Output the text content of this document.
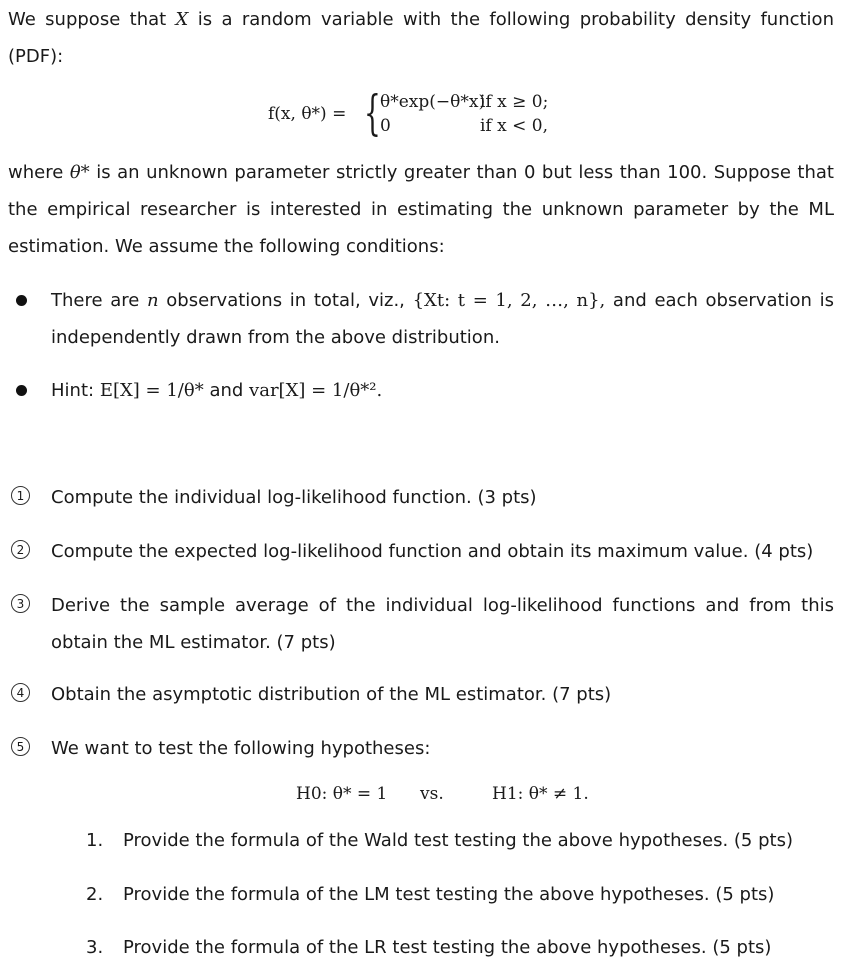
We suppose that X is a random variable with the following probability density function (PDF):

f(x, θ*) = { θ*exp(−θ*x)
if x ≥ 0;
0	if x < 0,

where θ* is an unknown parameter strictly greater than 0 but less than 100. Suppose that the empirical researcher is interested in estimating the unknown parameter by the ML estimation. We assume the following conditions:

There are n observations in total, viz., {Xt: t = 1, 2, …, n}, and each observation is independently drawn from the above distribution.
Hint: E[X] = 1/θ* and var[X] = 1/θ*².
1	Compute the individual log-likelihood function. (3 pts)
2	Compute the expected log-likelihood function and obtain its maximum value. (4 pts)
3	Derive the sample average of the individual log-likelihood functions and from this obtain the ML estimator. (7 pts)
4	Obtain the asymptotic distribution of the ML estimator. (7 pts)
5	We want to test the following hypotheses:
H0: θ* = 1 vs.	H1: θ* ≠ 1.
1. Provide the formula of the Wald test testing the above hypotheses. (5 pts)
2. Provide the formula of the LM test testing the above hypotheses. (5 pts)
3. Provide the formula of the LR test testing the above hypotheses. (5 pts)
